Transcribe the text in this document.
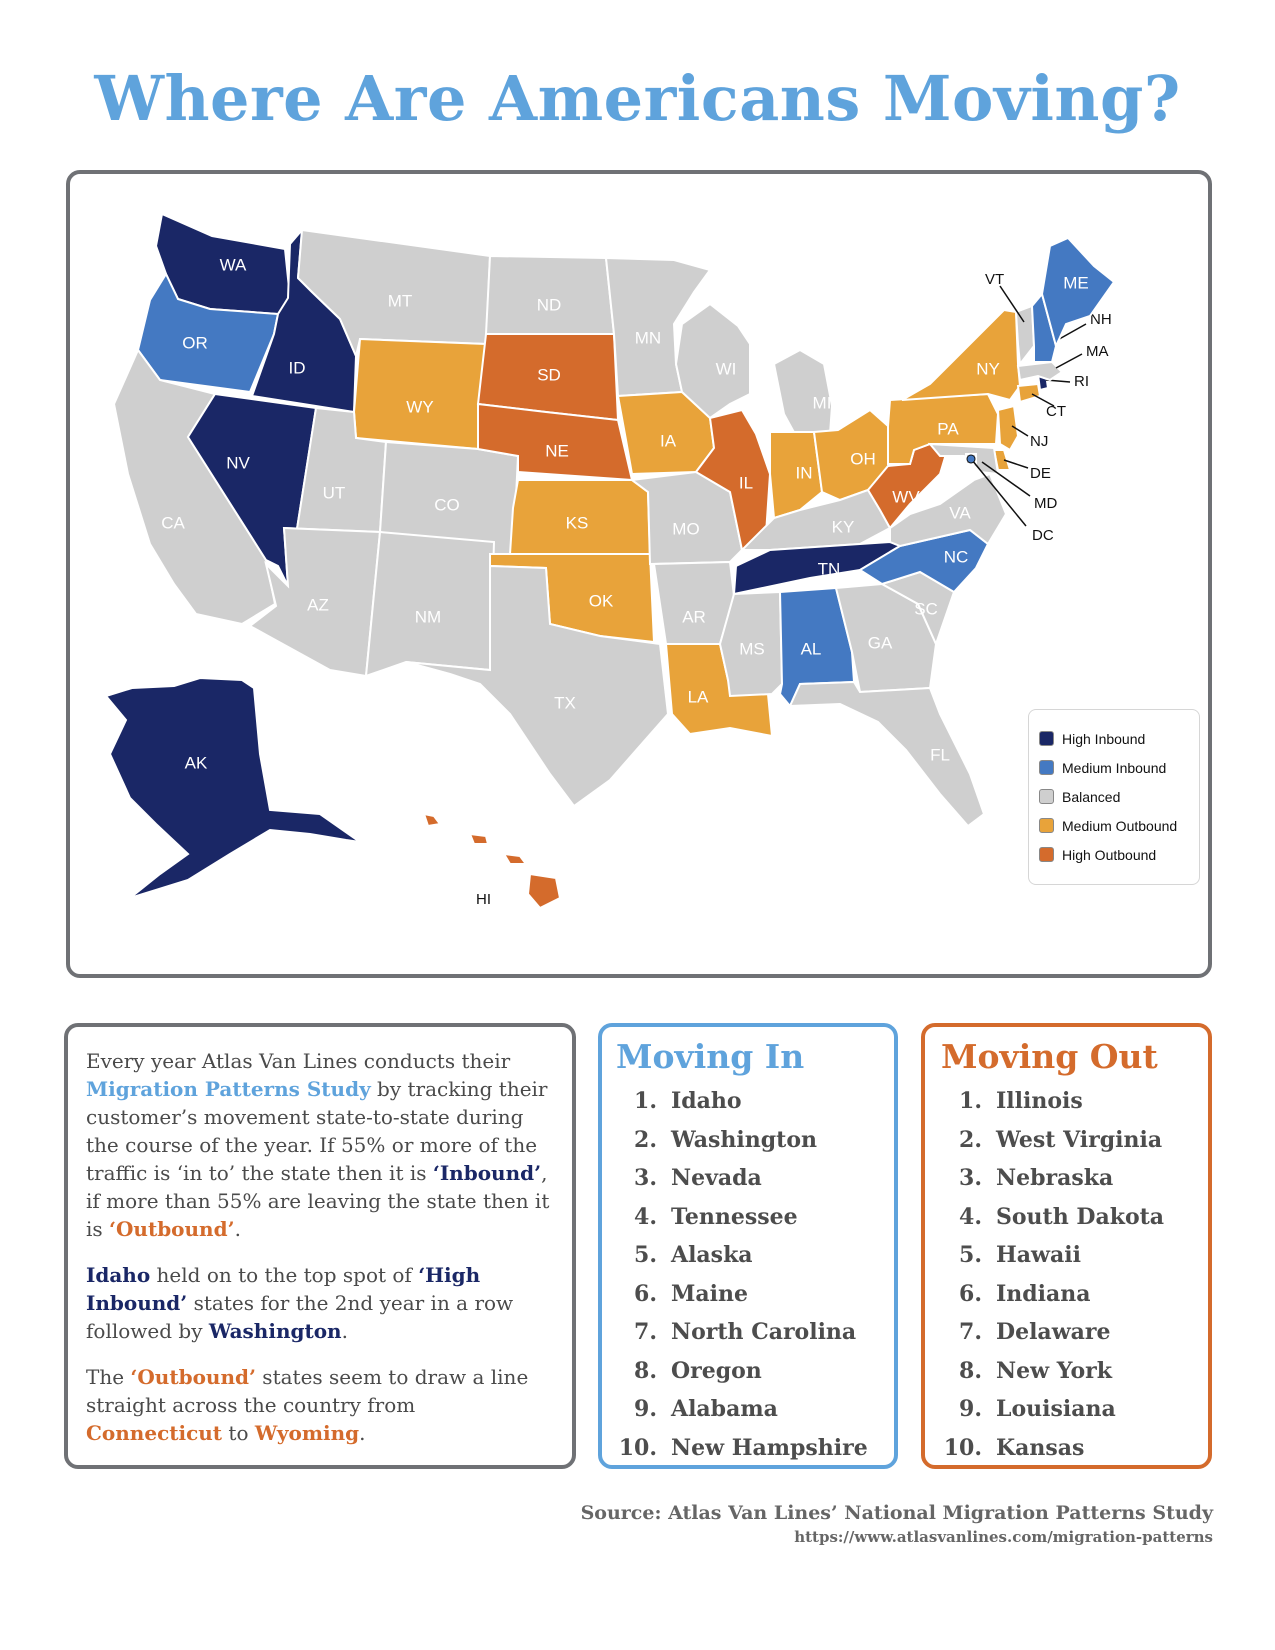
Where Are Americans Moving?
WA
OR
CA
ID
NV
MT
WY
UT
CO
AZ
NM
ND
SD
NE
KS
OK
TX
MN
IA
MO
AR
LA
WI
IL
MI
IN
OH
KY
TN
MS AL	GA
FL
SC
NC
VA
WV
PA
NY
NJ
DE
MD
DC
CT
RI
MA
VT
NH
ME
AK
HI
High Inbound
Medium Inbound
Balanced
Medium Outbound
High Outbound

Every year Atlas Van Lines conducts their Migration Patterns Study by tracking their customer’s movement state-to-state during the course of the year. If 55% or more of the traffic is ‘in to’ the state then it is ‘Inbound’, if more than 55% are leaving the state then it is ‘Outbound’.

Idaho held on to the top spot of ‘High Inbound’ states for the 2nd year in a row followed by Washington.

The ‘Outbound’ states seem to draw a line straight across the country from Connecticut to Wyoming.

Moving In
1. Idaho
2. Washington
3. Nevada
4. Tennessee
5. Alaska
6. Maine
7. North Carolina
8. Oregon
9. Alabama
10. New Hampshire
Moving Out
1. Illinois
2. West Virginia
3. Nebraska
4. South Dakota
5. Hawaii
6. Indiana
7. Delaware
8. New York
9. Louisiana
10. Kansas
Source: Atlas Van Lines’ National Migration Patterns Study
https://www.atlasvanlines.com/migration-patterns
